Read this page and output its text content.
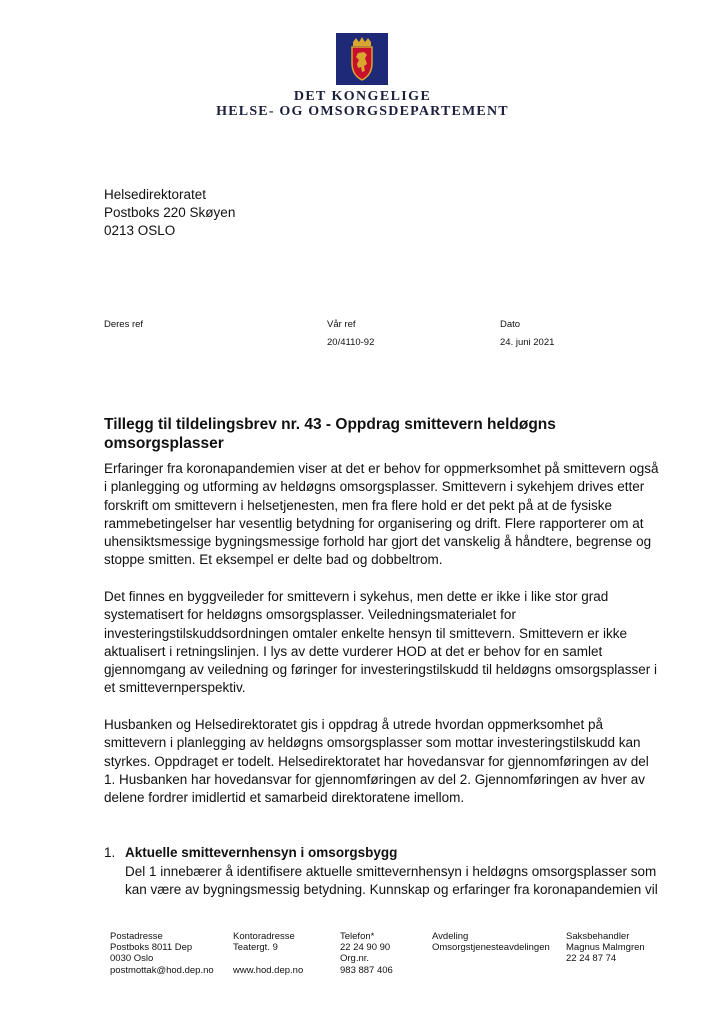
DET KONGELIGE
HELSE- OG OMSORGSDEPARTEMENT
Helsedirektoratet
Postboks 220 Skøyen
0213 OSLO
Deres ref	Vår ref
20/4110-92
Dato
24. juni 2021
Tillegg til tildelingsbrev nr. 43 - Oppdrag smittevern heldøgns
omsorgsplasser
Erfaringer fra koronapandemien viser at det er behov for oppmerksomhet på smittevern også
i planlegging og utforming av heldøgns omsorgsplasser. Smittevern i sykehjem drives etter
forskrift om smittevern i helsetjenesten, men fra flere hold er det pekt på at de fysiske
rammebetingelser har vesentlig betydning for organisering og drift. Flere rapporterer om at
uhensiktsmessige bygningsmessige forhold har gjort det vanskelig å håndtere, begrense og
stoppe smitten. Et eksempel er delte bad og dobbeltrom.
Det finnes en byggveileder for smittevern i sykehus, men dette er ikke i like stor grad
systematisert for heldøgns omsorgsplasser. Veiledningsmaterialet for
investeringstilskuddsordningen omtaler enkelte hensyn til smittevern. Smittevern er ikke
aktualisert i retningslinjen. I lys av dette vurderer HOD at det er behov for en samlet
gjennomgang av veiledning og føringer for investeringstilskudd til heldøgns omsorgsplasser i
et smittevernperspektiv.
Husbanken og Helsedirektoratet gis i oppdrag å utrede hvordan oppmerksomhet på
smittevern i planlegging av heldøgns omsorgsplasser som mottar investeringstilskudd kan
styrkes. Oppdraget er todelt. Helsedirektoratet har hovedansvar for gjennomføringen av del
1. Husbanken har hovedansvar for gjennomføringen av del 2. Gjennomføringen av hver av
delene fordrer imidlertid et samarbeid direktoratene imellom.
1. Aktuelle smittevernhensyn i omsorgsbygg
Del 1 innebærer å identifisere aktuelle smittevernhensyn i heldøgns omsorgsplasser som
kan være av bygningsmessig betydning. Kunnskap og erfaringer fra koronapandemien vil
Postadresse
Postboks 8011 Dep
0030 Oslo
postmottak@hod.dep.no
Kontoradresse
Teatergt. 9

www.hod.dep.no
Telefon*
22 24 90 90
Org.nr.
983 887 406
Avdeling
Omsorgstjenesteavdelingen
Saksbehandler
Magnus Malmgren
22 24 87 74
